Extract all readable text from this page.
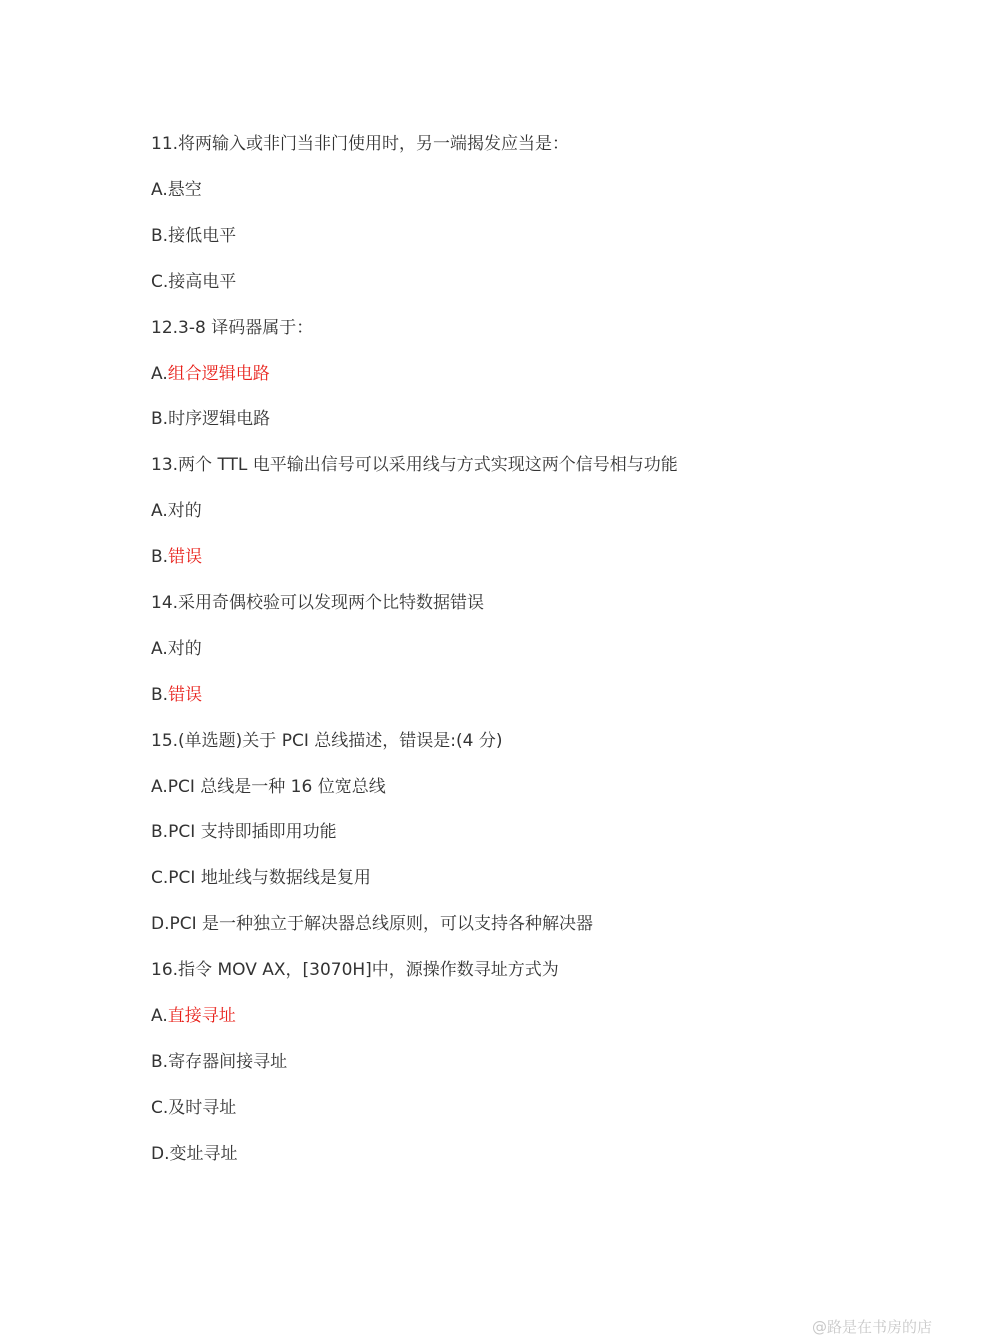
11.将两输入或非门当非门使用时，另一端揭发应当是：
A.悬空
B.接低电平
C.接高电平
12.3-8 译码器属于：
A.组合逻辑电路
B.时序逻辑电路
13.两个 TTL 电平输出信号可以采用线与方式实现这两个信号相与功能
A.对的
B.错误
14.采用奇偶校验可以发现两个比特数据错误
A.对的
B.错误
15.(单选题)关于 PCI 总线描述，错误是:(4 分)
A.PCI 总线是一种 16 位宽总线
B.PCI 支持即插即用功能
C.PCI 地址线与数据线是复用
D.PCI 是一种独立于解决器总线原则，可以支持各种解决器
16.指令 MOV AX，[3070H]中，源操作数寻址方式为
A.直接寻址
B.寄存器间接寻址
C.及时寻址
D.变址寻址
@路是在书房的店
